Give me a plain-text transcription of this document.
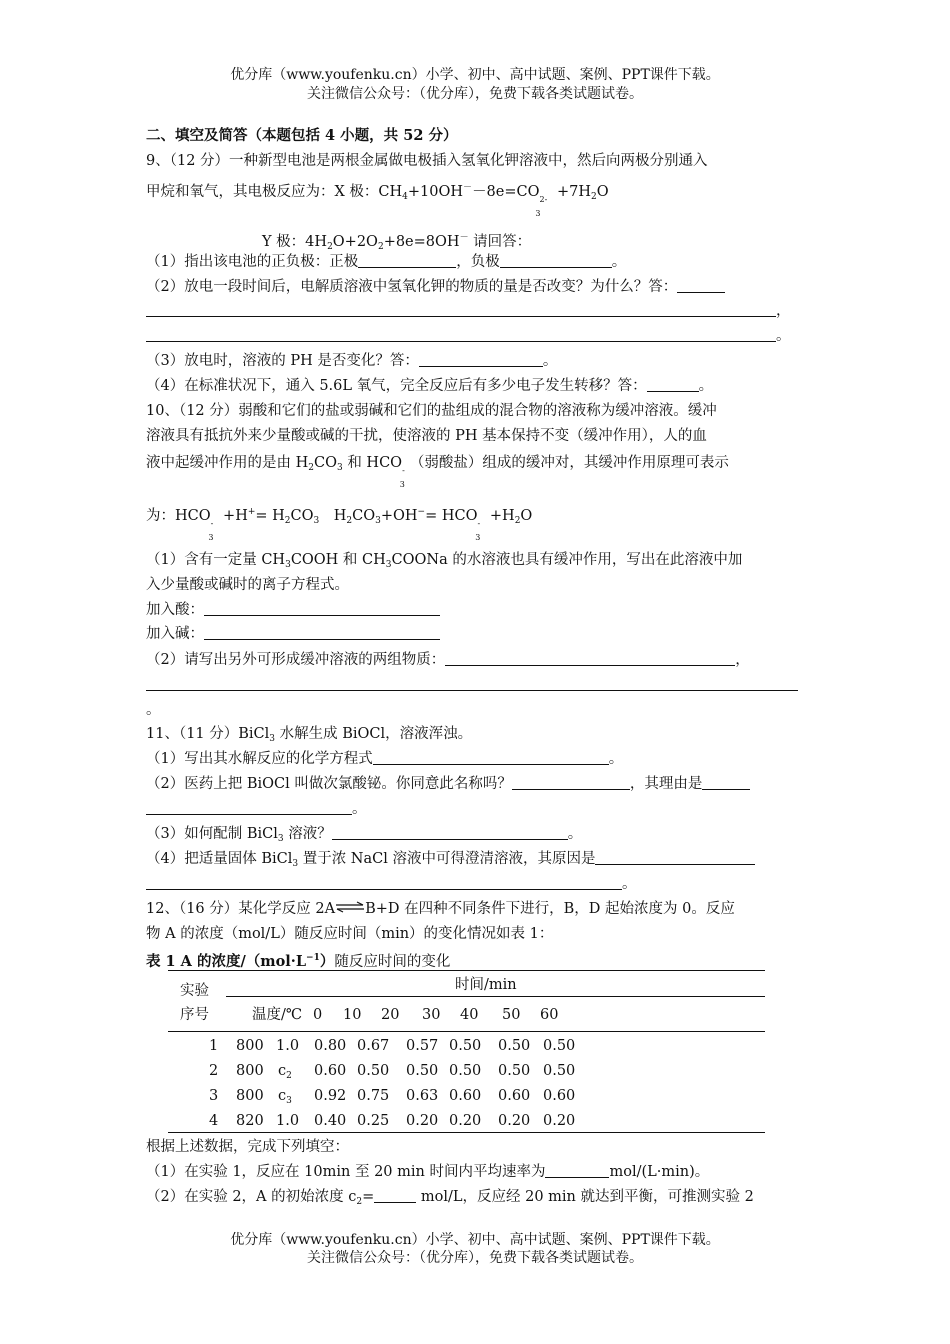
优分库（www.youfenku.cn）小学、初中、高中试题、案例、PPT课件下载。
关注微信公众号：（优分库），免费下载各类试题试卷。
二、填空及简答（本题包括 4 小题，共 52 分）
9、（12 分）一种新型电池是两根金属做电极插入氢氧化钾溶液中，然后向两极分别通入
甲烷和氧气，其电极反应为：X 极：$CH_4+10OH^--8e=CO_{2-3} +7H_2O$
Y 极：$4H_2O+2O_2+8e=8OH^-$ 请回答：
（1）指出该电池的正负极：正极	，负极	。
（2）放电一段时间后，电解质溶液中氢氧化钾的物质的量是否改变？为什么？答：
，
。
（3）放电时，溶液的 PH 是否变化？答：	。
（4）在标准状况下，通入 5.6L 氧气，完全反应后有多少电子发生转移？答：	。
10、（12 分）弱酸和它们的盐或弱碱和它们的盐组成的混合物的溶液称为缓冲溶液。缓冲
溶液具有抵抗外来少量酸或碱的干扰，使溶液的 PH 基本保持不变（缓冲作用），人的血
液中起缓冲作用的是由 $H_2CO_3$ 和 $HCO_{-3}$（弱酸盐）组成的缓冲对，其缓冲作用原理可表示
为：$HCO_{-3} +H^+= H_2CO_3$　$H_2CO_3+OH^-= HCO_{-3} +H_2O$
（1）含有一定量 $CH_3COOH$ 和 $CH_3COONa$ 的水溶液也具有缓冲作用，写出在此溶液中加
入少量酸或碱时的离子方程式。
加入酸：
加入碱：
（2）请写出另外可形成缓冲溶液的两组物质：	，
。
11、（11 分）BiCl$_3$ 水解生成 BiOCl，溶液浑浊。
（1）写出其水解反应的化学方程式	。
（2）医药上把 BiOCl 叫做次氯酸铋。你同意此名称吗？	，其理由是
。
（3）如何配制 BiCl$_3$ 溶液？	。
（4）把适量固体 BiCl$_3$ 置于浓 NaCl 溶液中可得澄清溶液，其原因是
。
12、（16 分）某化学反应 2A⇌B+D 在四种不同条件下进行，B，D 起始浓度为 0。反应
物 A 的浓度（mol/L）随反应时间（min）的变化情况如表 1：
表 1 A 的浓度$/(mol\cdot L^{-1})$随反应时间的变化
实验	时间/min
序号	温度/℃ 0 10 20 30 40 50 60
1 800 1.0 0.80 0.67 0.57 0.50 0.50 0.50
2 800 $c_2$ 0.60 0.50 0.50 0.50 0.50 0.50
3 800 $c_3$ 0.92 0.75 0.63 0.60 0.60 0.60
4 820 1.0 0.40 0.25 0.20 0.20 0.20 0.20
根据上述数据，完成下列填空：
（1）在实验 1，反应在 10min 至 20 min 时间内平均速率为	mol/(L·min)。
（2）在实验 2，A 的初始浓度 $c_2=$	mol/L，反应经 20 min 就达到平衡，可推测实验 2
优分库（www.youfenku.cn）小学、初中、高中试题、案例、PPT课件下载。
关注微信公众号：（优分库），免费下载各类试题试卷。
